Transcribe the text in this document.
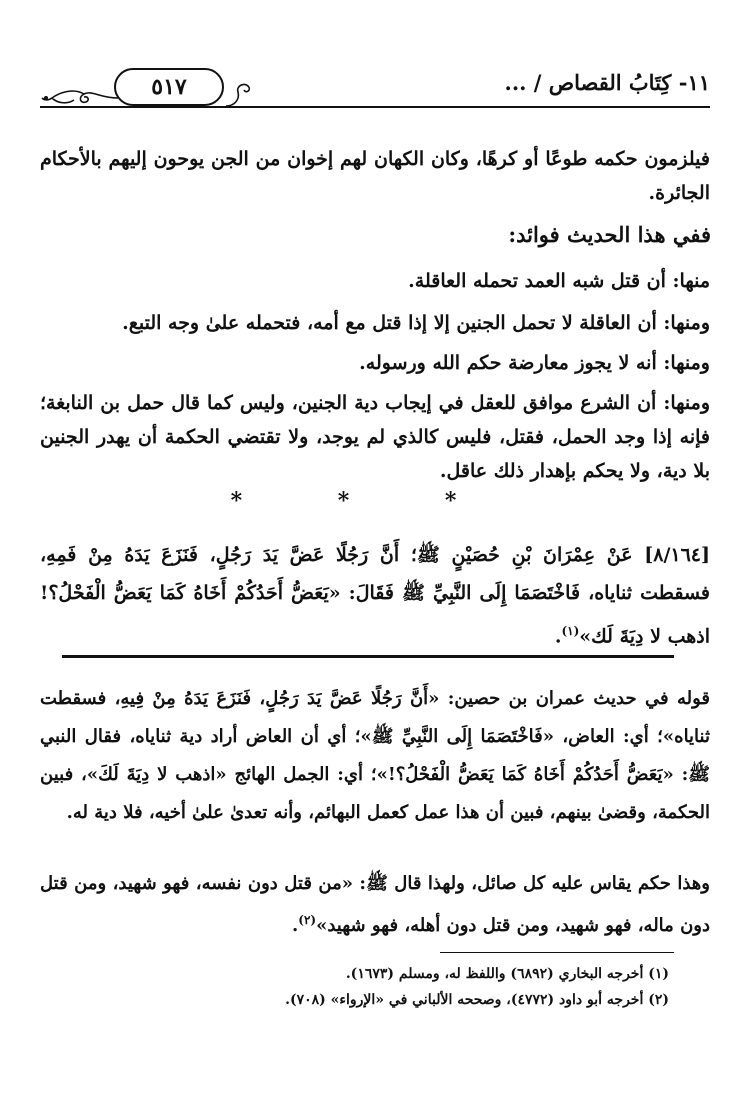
٥١٧	١١- كِتَابُ القصاص / ...

فيلزمون حكمه طوعًا أو كرهًا، وكان الكهان لهم إخوان من الجن يوحون إليهم بالأحكام الجائرة.

ففي هذا الحديث فوائد:

منها: أن قتل شبه العمد تحمله العاقلة.

ومنها: أن العاقلة لا تحمل الجنين إلا إذا قتل مع أمه، فتحمله علىٰ وجه التبع.

ومنها: أنه لا يجوز معارضة حكم الله ورسوله.

ومنها: أن الشرع موافق للعقل في إيجاب دية الجنين، وليس كما قال حمل بن النابغة؛ فإنه إذا وجد الحمل، فقتل، فليس كالذي لم يوجد، ولا تقتضي الحكمة أن يهدر الجنين بلا دية، ولا يحكم بإهدار ذلك عاقل.

* * *

[٨/١٦٤] عَنْ عِمْرَانَ بْنِ حُصَيْنٍ ﷺ؛ أَنَّ رَجُلًا عَضَّ يَدَ رَجُلٍ، فَنَزَعَ يَدَهُ مِنْ فَمِهِ، فسقطت ثناياه، فَاخْتَصَمَا إِلَى النَّبِيِّ ﷺ فَقَالَ: «يَعَضُّ أَحَدُكُمْ أَخَاهُ كَمَا يَعَضُّ الْفَحْلُ؟! اذهب لا دِيَةَ لَك»$^{(١)}$.

قوله في حديث عمران بن حصين: «أَنَّ رَجُلًا عَضَّ يَدَ رَجُلٍ، فَنَزَعَ يَدَهُ مِنْ فِيهِ، فسقطت ثناياه»؛ أي: العاض، «فَاخْتَصَمَا إِلَى النَّبِيِّ ﷺ»؛ أي أن العاض أراد دية ثناياه، فقال النبي ﷺ: «يَعَضُّ أَحَدُكُمْ أَخَاهُ كَمَا يَعَضُّ الْفَحْلُ؟!»؛ أي: الجمل الهائج «اذهب لا دِيَةَ لَكَ»، فبين الحكمة، وقضىٰ بينهم، فبين أن هذا عمل كعمل البهائم، وأنه تعدىٰ علىٰ أخيه، فلا دية له.

وهذا حكم يقاس عليه كل صائل، ولهذا قال ﷺ: «من قتل دون نفسه، فهو شهيد، ومن قتل دون ماله، فهو شهيد، ومن قتل دون أهله، فهو شهيد»$^{(٢)}$.

(١) أخرجه البخاري (٦٨٩٢) واللفظ له، ومسلم (١٦٧٣).

(٢) أخرجه أبو داود (٤٧٧٢)، وصححه الألباني في «الإرواء» (٧٠٨).
